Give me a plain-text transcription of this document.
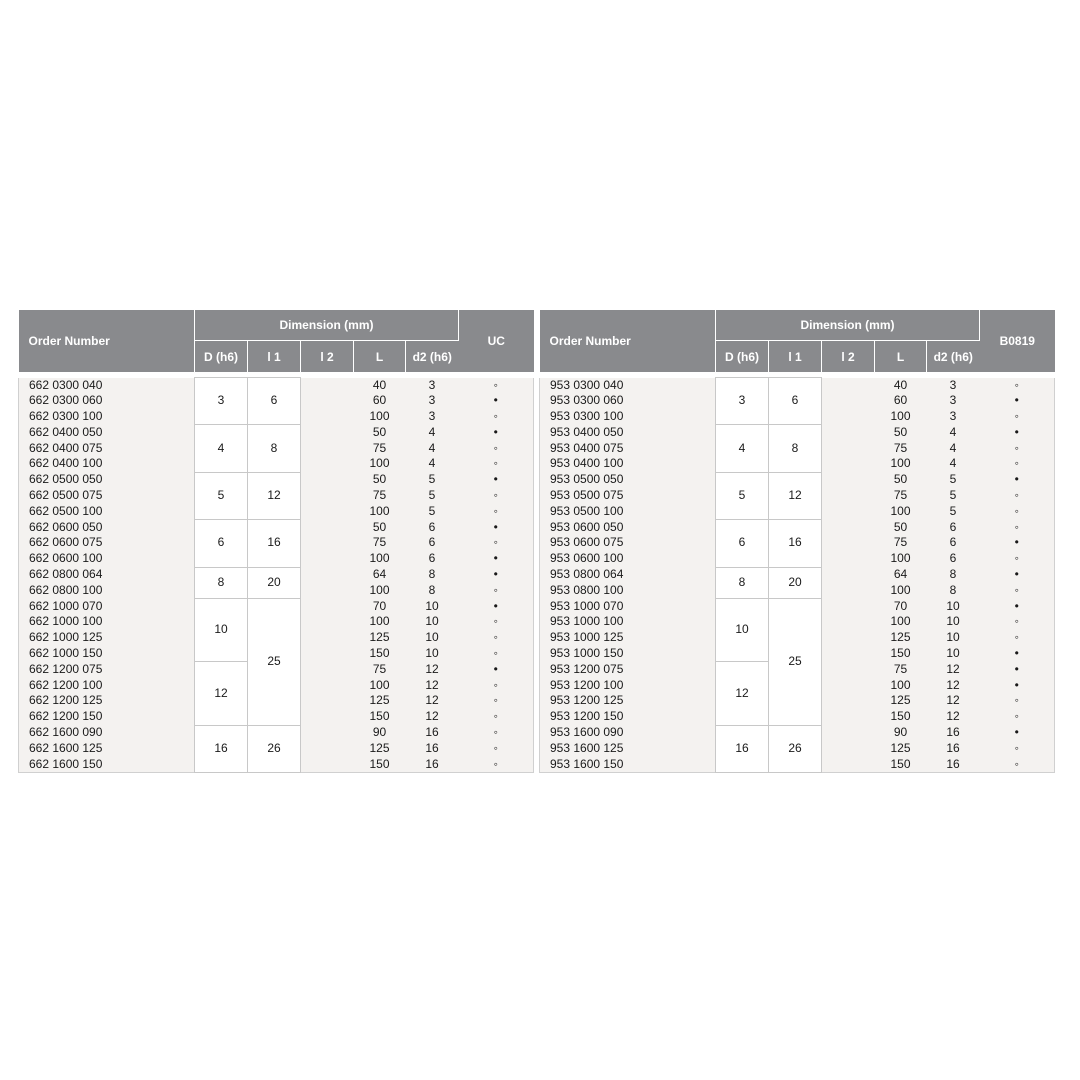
Order Number	Dimension (mm)					UC
	D (h6)	l 1	l 2	L	d2 (h6)	

662 0300 040	3	6		40	3	◦
662 0300 060				60	3	•
662 0300 100				100	3	◦
662 0400 050	4	8		50	4	•
662 0400 075				75	4	◦
662 0400 100				100	4	◦
662 0500 050	5	12		50	5	•
662 0500 075				75	5	◦
662 0500 100				100	5	◦
662 0600 050	6	16		50	6	•
662 0600 075				75	6	◦
662 0600 100				100	6	•
662 0800 064	8	20		64	8	•
662 0800 100				100	8	◦
662 1000 070	10	25		70	10	•
662 1000 100				100	10	◦
662 1000 125				125	10	◦
662 1000 150				150	10	◦
662 1200 075	12			75	12	•
662 1200 100				100	12	◦
662 1200 125				125	12	◦
662 1200 150				150	12	◦
662 1600 090	16	26		90	16	◦
662 1600 125				125	16	◦
662 1600 150				150	16	◦
Order Number	Dimension (mm)					B0819
	D (h6)	l 1	l 2	L	d2 (h6)	

953 0300 040	3	6		40	3	◦
953 0300 060				60	3	•
953 0300 100				100	3	◦
953 0400 050	4	8		50	4	•
953 0400 075				75	4	◦
953 0400 100				100	4	◦
953 0500 050	5	12		50	5	•
953 0500 075				75	5	◦
953 0500 100				100	5	◦
953 0600 050	6	16		50	6	◦
953 0600 075				75	6	•
953 0600 100				100	6	◦
953 0800 064	8	20		64	8	•
953 0800 100				100	8	◦
953 1000 070	10	25		70	10	•
953 1000 100				100	10	◦
953 1000 125				125	10	◦
953 1000 150				150	10	•
953 1200 075	12			75	12	•
953 1200 100				100	12	•
953 1200 125				125	12	◦
953 1200 150				150	12	◦
953 1600 090	16	26		90	16	•
953 1600 125				125	16	◦
953 1600 150				150	16	◦
